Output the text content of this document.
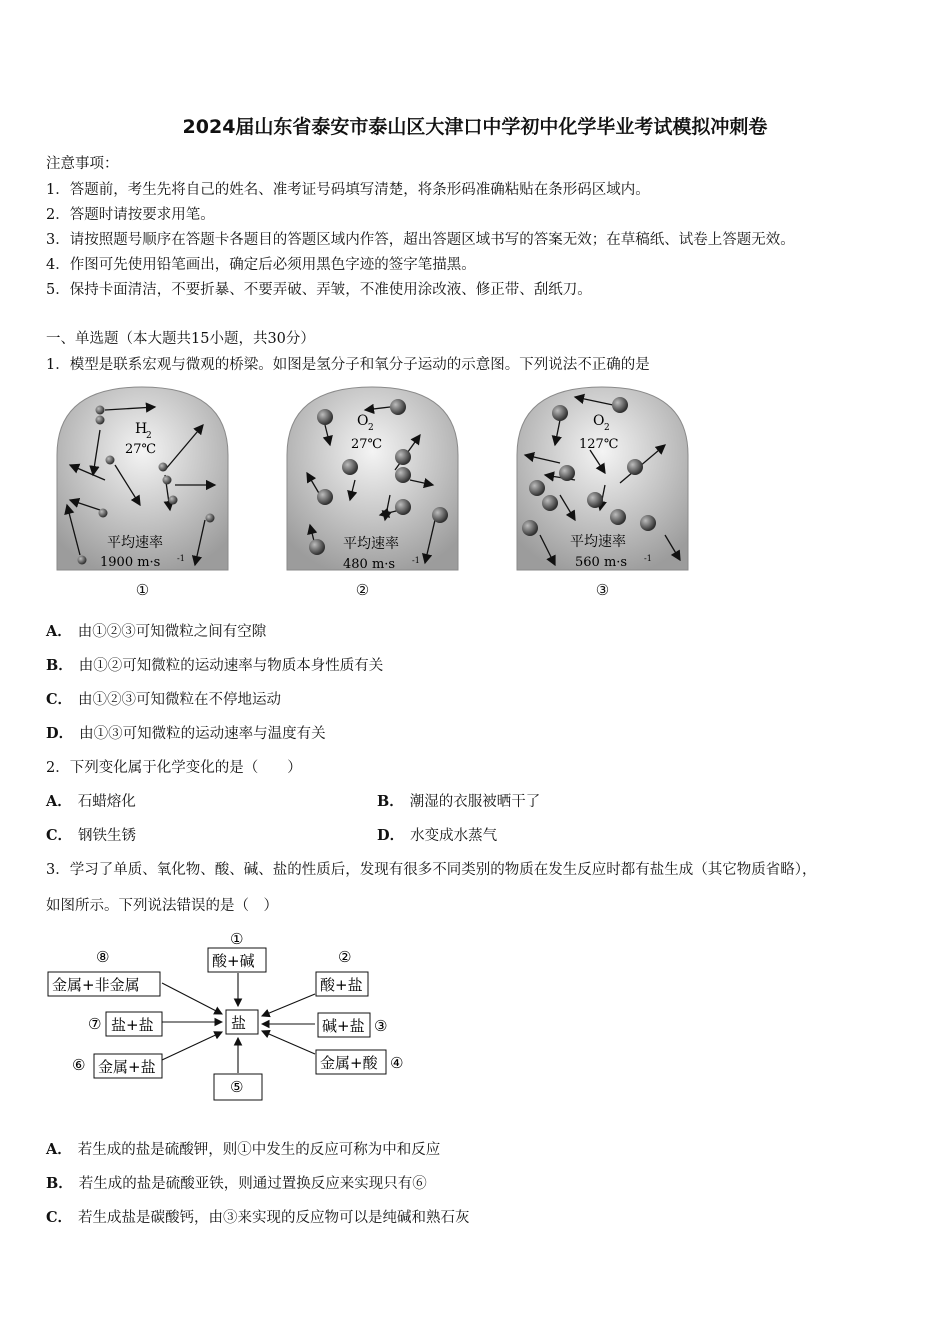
2024届山东省泰安市泰山区大津口中学初中化学毕业考试模拟冲刺卷
注意事项：
1．答题前，考生先将自己的姓名、准考证号码填写清楚，将条形码准确粘贴在条形码区域内。
2．答题时请按要求用笔。
3．请按照题号顺序在答题卡各题目的答题区域内作答，超出答题区域书写的答案无效；在草稿纸、试卷上答题无效。
4．作图可先使用铅笔画出，确定后必须用黑色字迹的签字笔描黑。
5．保持卡面清洁，不要折暴、不要弄破、弄皱，不准使用涂改液、修正带、刮纸刀。
一、单选题（本大题共15小题，共30分）
1．模型是联系宏观与微观的桥梁。如图是氢分子和氧分子运动的示意图。下列说法不正确的是
H
2
27℃
平均速率
1900 m·s -1
①
O 2
27℃
平均速率
480 m·s -1
②
O 2
127℃
平均速率
560 m·s -1
③
A． 由①②③可知微粒之间有空隙
B． 由①②可知微粒的运动速率与物质本身性质有关
C． 由①②③可知微粒在不停地运动
D． 由①③可知微粒的运动速率与温度有关
2．下列变化属于化学变化的是（　　）
A． 石蜡熔化	B． 潮湿的衣服被晒干了
C． 钢铁生锈	D． 水变成水蒸气
3．学习了单质、氧化物、酸、碱、盐的性质后，发现有很多不同类别的物质在发生反应时都有盐生成（其它物质省略），
如图所示。下列说法错误的是（　）
盐
①
酸+碱	②
酸+盐
碱+盐 ③
金属+酸 ④
⑤
⑥ 金属+盐
⑦ 盐+盐
⑧
金属+非金属
A． 若生成的盐是硫酸钾，则①中发生的反应可称为中和反应
B． 若生成的盐是硫酸亚铁，则通过置换反应来实现只有⑥
C． 若生成盐是碳酸钙，由③来实现的反应物可以是纯碱和熟石灰
